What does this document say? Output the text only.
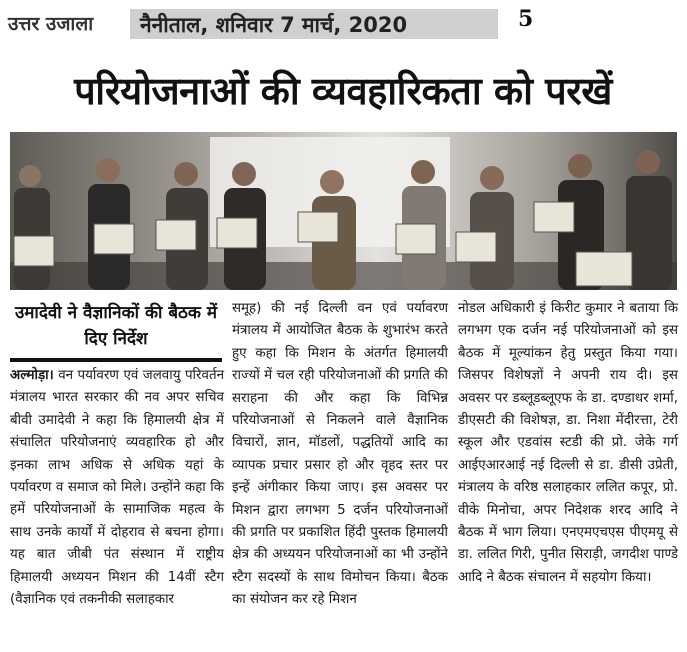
उत्तर उजाला नैनीताल, शनिवार 7 मार्च, 2020	5
परियोजनाओं की व्यवहारिकता को परखें
उमादेवी ने वैज्ञानिकों की बैठक में दिए निर्देश
अल्मोड़ा। वन पर्यावरण एवं जलवायु परिवर्तन मंत्रालय भारत सरकार की नव अपर सचिव बीवी उमादेवी ने कहा कि हिमालयी क्षेत्र में संचालित परियोजनाएं व्यवहारिक हो और इनका लाभ अधिक से अधिक यहां के पर्यावरण व समाज को मिले। उन्होंने कहा कि हमें परियोजनाओं के सामाजिक महत्व के साथ उनके कार्यों में दोहराव से बचना होगा। यह बात जीबी पंत संस्थान में राष्ट्रीय हिमालयी अध्ययन मिशन की 14वीं स्टैग (वैज्ञानिक एवं तकनीकी सलाहकार
समूह) की नई दिल्ली वन एवं पर्यावरण मंत्रालय में आयोजित बैठक के शुभारंभ करते हुए कहा कि मिशन के अंतर्गत हिमालयी राज्यों में चल रही परियोजनाओं की प्रगति की सराहना की और कहा कि विभिन्न परियोजनाओं से निकलने वाले वैज्ञानिक विचारों, ज्ञान, मॉडलों, पद्धतियों आदि का व्यापक प्रचार प्रसार हो और वृहद स्तर पर इन्हें अंगीकार किया जाए। इस अवसर पर मिशन द्वारा लगभग 5 दर्जन परियोजनाओं की प्रगति पर प्रकाशित हिंदी पुस्तक हिमालयी क्षेत्र की अध्ययन परियोजनाओं का भी उन्होंने स्टैग सदस्यों के साथ विमोचन किया। बैठक का संयोजन कर रहे मिशन
नोडल अधिकारी इं किरीट कुमार ने बताया कि लगभग एक दर्जन नई परियोजनाओं को इस बैठक में मूल्यांकन हेतु प्रस्तुत किया गया। जिसपर विशेषज्ञों ने अपनी राय दी। इस अवसर पर डब्लूडब्लूएफ के डा. दण्डाधर शर्मा, डीएसटी की विशेषज्ञ, डा. निशा मेंदीरत्ता, टेरी स्कूल और एडवांस स्टडी की प्रो. जेके गर्ग आईएआरआई नई दिल्ली से डा. डीसी उप्रेती, मंत्रालय के वरिष्ठ सलाहकार ललित कपूर, प्रो. वीके मिनोचा, अपर निदेशक शरद आदि ने बैठक में भाग लिया। एनएमएचएस पीएमयू से डा. ललित गिरी, पुनीत सिराड़ी, जगदीश पाण्डे आदि ने बैठक संचालन में सहयोग किया।
